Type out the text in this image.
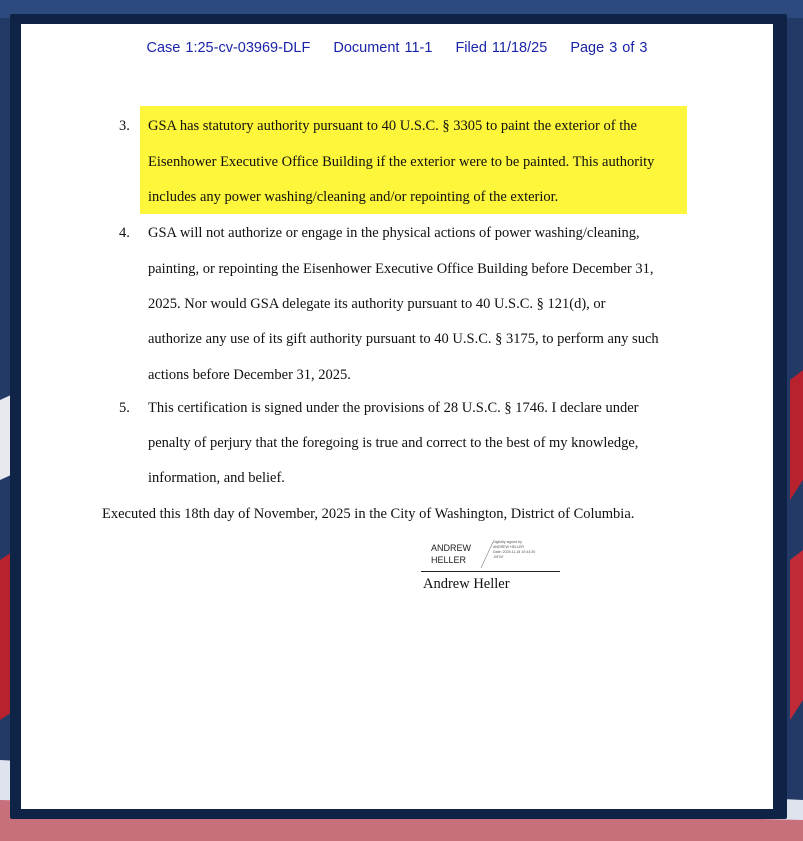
Case 1:25-cv-03969-DLF Document 11-1 Filed 11/18/25 Page 3 of 3
3. GSA has statutory authority pursuant to 40 U.S.C. § 3305 to paint the exterior of the
Eisenhower Executive Office Building if the exterior were to be painted. This authority
includes any power washing/cleaning and/or repointing of the exterior.
4. GSA will not authorize or engage in the physical actions of power washing/cleaning,
painting, or repointing the Eisenhower Executive Office Building before December 31,
2025. Nor would GSA delegate its authority pursuant to 40 U.S.C. § 121(d), or
authorize any use of its gift authority pursuant to 40 U.S.C. § 3175, to perform any such
actions before December 31, 2025.
5. This certification is signed under the provisions of 28 U.S.C. § 1746. I declare under
penalty of perjury that the foregoing is true and correct to the best of my knowledge,
information, and belief.
Executed this 18th day of November, 2025 in the City of Washington, District of Columbia.
ANDREW
HELLER
Digitally signed by
ANDREW HELLER
Date: 2025.11.18 10:44:30
-05'00'
Andrew Heller
